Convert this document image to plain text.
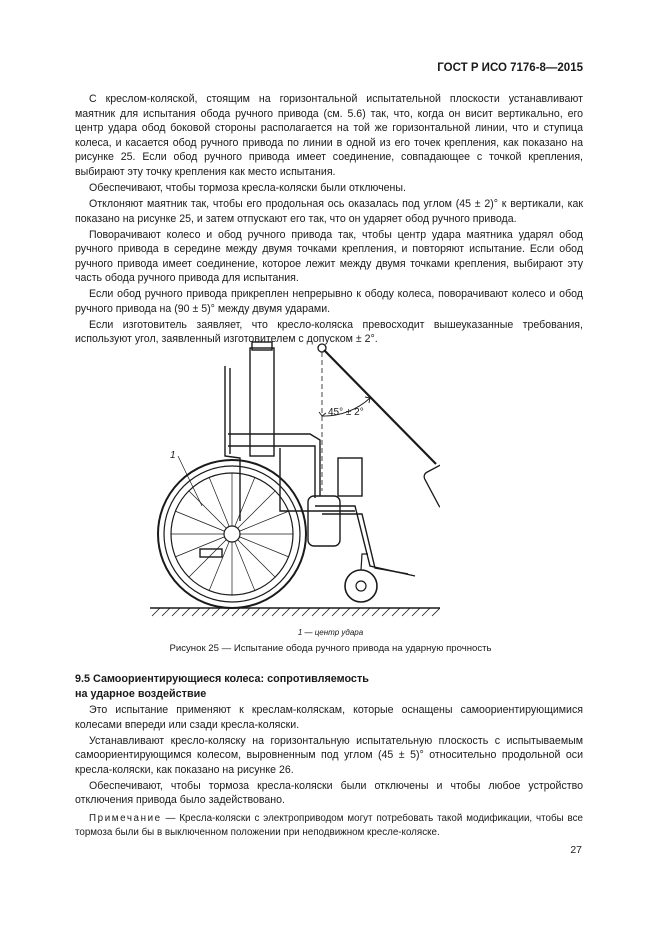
ГОСТ Р ИСО 7176-8—2015

С креслом-коляской, стоящим на горизонтальной испытательной плоскости устанавливают маятник для испытания обода ручного привода (см. 5.6) так, что, когда он висит вертикально, его центр удара обод боковой стороны располагается на той же горизонтальной линии, что и ступица колеса, и касается обод ручного привода по линии в одной из его точек крепления, как показано на рисунке 25. Если обод ручного привода имеет соединение, совпадающее с точкой крепления, выбирают эту точку крепления как место испытания.

Обеспечивают, чтобы тормоза кресла-коляски были отключены.

Отклоняют маятник так, чтобы его продольная ось оказалась под углом (45 ± 2)° к вертикали, как показано на рисунке 25, и затем отпускают его так, что он ударяет обод ручного привода.

Поворачивают колесо и обод ручного привода так, чтобы центр удара маятника ударял обод ручного привода в середине между двумя точками крепления, и повторяют испытание. Если обод ручного привода имеет соединение, которое лежит между двумя точками крепления, выбирают эту часть обода ручного привода для испытания.

Если обод ручного привода прикреплен непрерывно к ободу колеса, поворачивают колесо и обод ручного привода на (90 ± 5)° между двумя ударами.

Если изготовитель заявляет, что кресло-коляска превосходит вышеуказанные требования, используют угол, заявленный изготовителем с допуском ± 2°.

45° ± 2°
1
1 — центр удара
Рисунок 25 — Испытание обода ручного привода на ударную прочность
9.5 Самоориентирующиеся колеса: сопротивляемость
на ударное воздействие

Это испытание применяют к креслам-коляскам, которые оснащены самоориентирующимися колесами впереди или сзади кресла-коляски.

Устанавливают кресло-коляску на горизонтальную испытательную плоскость с испытываемым самоориентирующимся колесом, выровненным под углом (45 ± 5)° относительно продольной оси кресла-коляски, как показано на рисунке 26.

Обеспечивают, чтобы тормоза кресла-коляски были отключены и чтобы любое устройство отключения привода было задействовано.

Примечание — Кресла-коляски с электроприводом могут потребовать такой модификации, чтобы все тормоза были бы в выключенном положении при неподвижном кресле-коляске.

27
